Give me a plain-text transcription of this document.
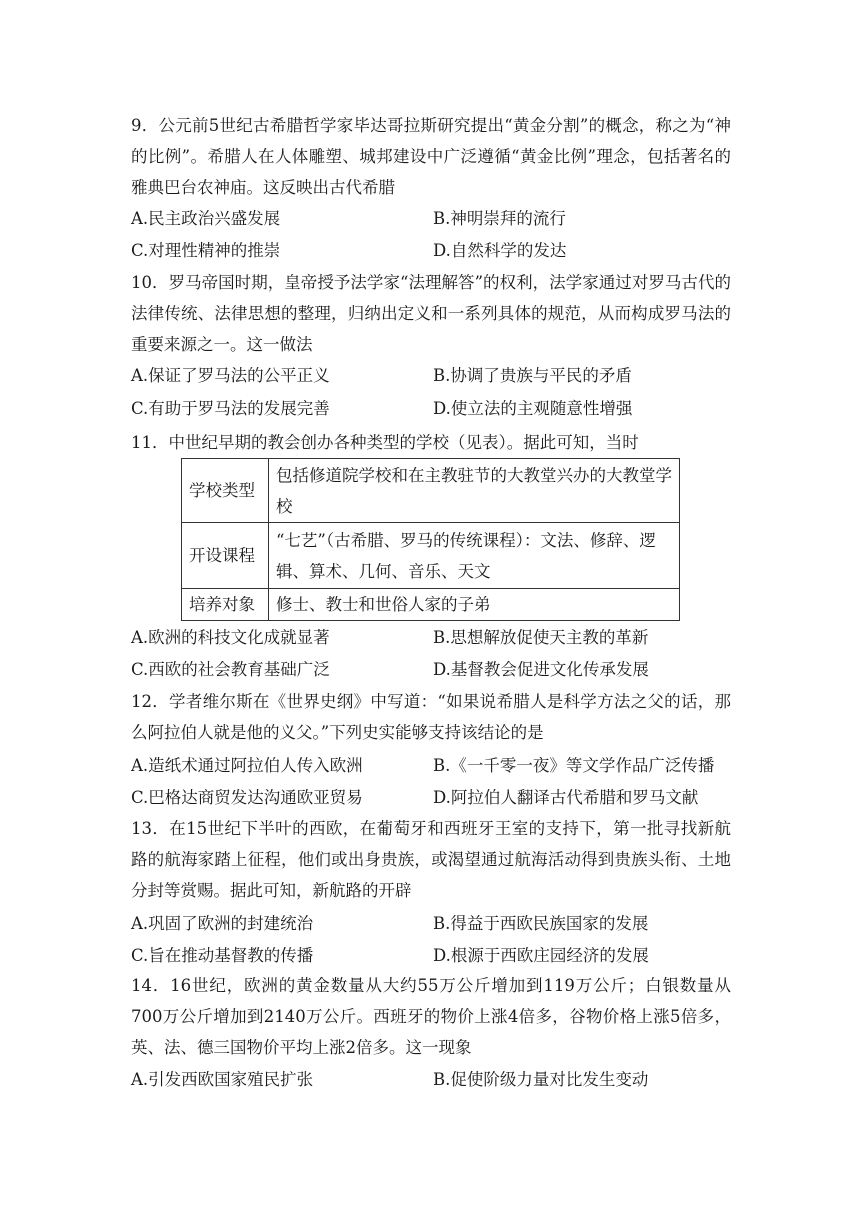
9．公元前5世纪古希腊哲学家毕达哥拉斯研究提出“黄金分割”的概念，称之为“神的比例”。希腊人在人体雕塑、城邦建设中广泛遵循“黄金比例”理念，包括著名的雅典巴台农神庙。这反映出古代希腊
A.民主政治兴盛发展	B.神明崇拜的流行
C.对理性精神的推崇	D.自然科学的发达
10．罗马帝国时期，皇帝授予法学家“法理解答”的权利，法学家通过对罗马古代的法律传统、法律思想的整理，归纳出定义和一系列具体的规范，从而构成罗马法的重要来源之一。这一做法
A.保证了罗马法的公平正义	B.协调了贵族与平民的矛盾
C.有助于罗马法的发展完善	D.使立法的主观随意性增强
11．中世纪早期的教会创办各种类型的学校（见表）。据此可知，当时
学校类型	包括修道院学校和在主教驻节的大教堂兴办的大教堂学校
开设课程	“七艺”（古希腊、罗马的传统课程）：文法、修辞、逻辑、算术、几何、音乐、天文
培养对象	修士、教士和世俗人家的子弟
A.欧洲的科技文化成就显著	B.思想解放促使天主教的革新
C.西欧的社会教育基础广泛	D.基督教会促进文化传承发展
12．学者维尔斯在《世界史纲》中写道：“如果说希腊人是科学方法之父的话，那么阿拉伯人就是他的义父。”下列史实能够支持该结论的是
A.造纸术通过阿拉伯人传入欧洲	B.《一千零一夜》等文学作品广泛传播
C.巴格达商贸发达沟通欧亚贸易	D.阿拉伯人翻译古代希腊和罗马文献
13．在15世纪下半叶的西欧，在葡萄牙和西班牙王室的支持下，第一批寻找新航路的航海家踏上征程，他们或出身贵族，或渴望通过航海活动得到贵族头衔、土地分封等赏赐。据此可知，新航路的开辟
A.巩固了欧洲的封建统治	B.得益于西欧民族国家的发展
C.旨在推动基督教的传播	D.根源于西欧庄园经济的发展
14．16世纪，欧洲的黄金数量从大约55万公斤增加到119万公斤；白银数量从700万公斤增加到2140万公斤。西班牙的物价上涨4倍多，谷物价格上涨5倍多，英、法、德三国物价平均上涨2倍多。这一现象
A.引发西欧国家殖民扩张	B.促使阶级力量对比发生变动
